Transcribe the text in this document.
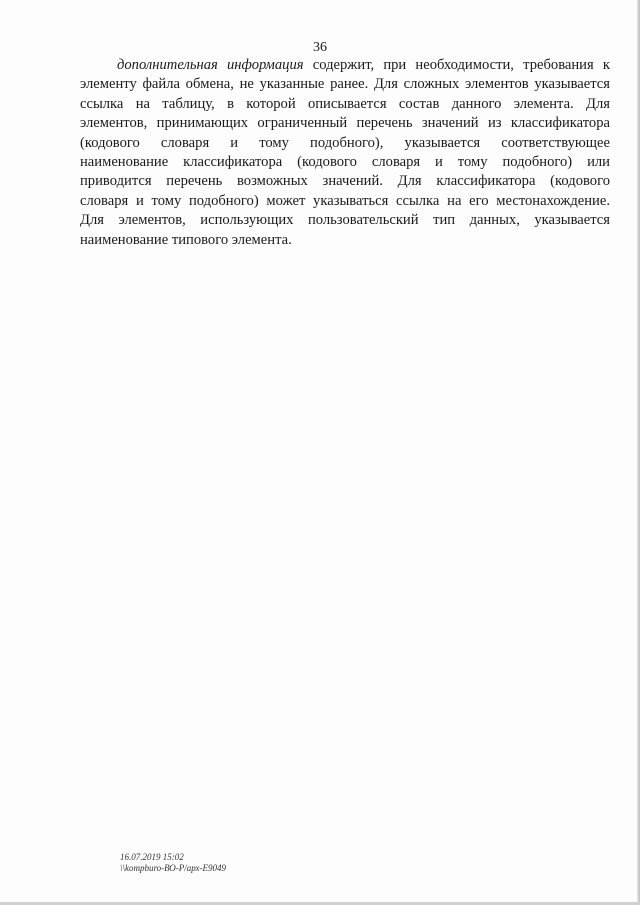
36

дополнительная информация содержит, при необходимости, требования к
элементу файла обмена, не указанные ранее. Для сложных элементов указывается
ссылка на таблицу, в которой описывается состав данного элемента. Для
элементов, принимающих ограниченный перечень значений из классификатора
(кодового словаря и тому подобного), указывается соответствующее
наименование классификатора (кодового словаря и тому подобного) или
приводится перечень возможных значений. Для классификатора (кодового
словаря и тому подобного) может указываться ссылка на его местонахождение.
Для элементов, использующих пользовательский тип данных, указывается
наименование типового элемента.

16.07.2019 15:02
\\kompburo-ВО-Р/арх-Е9049
